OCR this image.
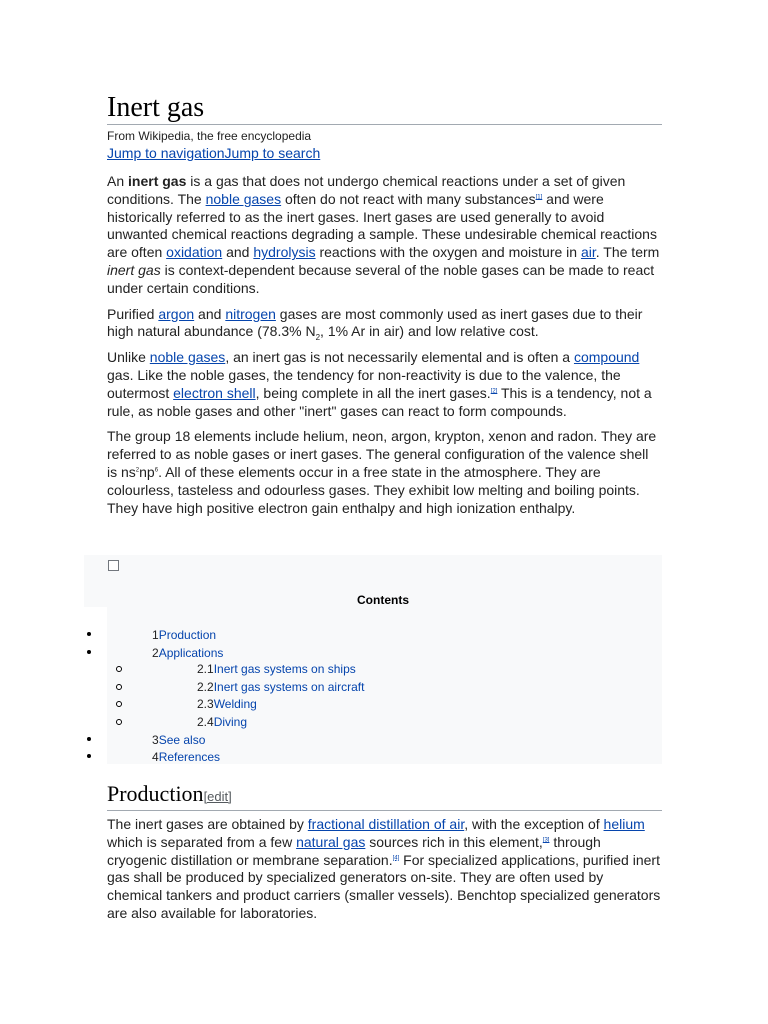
Inert gas
From Wikipedia, the free encyclopedia
Jump to navigationJump to search

An inert gas is a gas that does not undergo chemical reactions under a set of given conditions. The noble gases often do not react with many substances[1] and were historically referred to as the inert gases. Inert gases are used generally to avoid unwanted chemical reactions degrading a sample. These undesirable chemical reactions are often oxidation and hydrolysis reactions with the oxygen and moisture in air. The term inert gas is context-dependent because several of the noble gases can be made to react under certain conditions.

Purified argon and nitrogen gases are most commonly used as inert gases due to their high natural abundance (78.3% $N_2$, 1% Ar in air) and low relative cost.

Unlike noble gases, an inert gas is not necessarily elemental and is often a compound gas. Like the noble gases, the tendency for non-reactivity is due to the valence, the outermost electron shell, being complete in all the inert gases.[2] This is a tendency, not a rule, as noble gases and other "inert" gases can react to form compounds.

The group 18 elements include helium, neon, argon, krypton, xenon and radon. They are referred to as noble gases or inert gases. The general configuration of the valence shell is $ns^2np^6$. All of these elements occur in a free state in the atmosphere. They are colourless, tasteless and odourless gases. They exhibit low melting and boiling points. They have high positive electron gain enthalpy and high ionization enthalpy.

Contents
1Production
2Applications
2.1Inert gas systems on ships
2.2Inert gas systems on aircraft
2.3Welding
2.4Diving
3See also
4References
Production[edit]

The inert gases are obtained by fractional distillation of air, with the exception of helium which is separated from a few natural gas sources rich in this element,[3] through cryogenic distillation or membrane separation.[4] For specialized applications, purified inert gas shall be produced by specialized generators on-site. They are often used by chemical tankers and product carriers (smaller vessels). Benchtop specialized generators are also available for laboratories.
